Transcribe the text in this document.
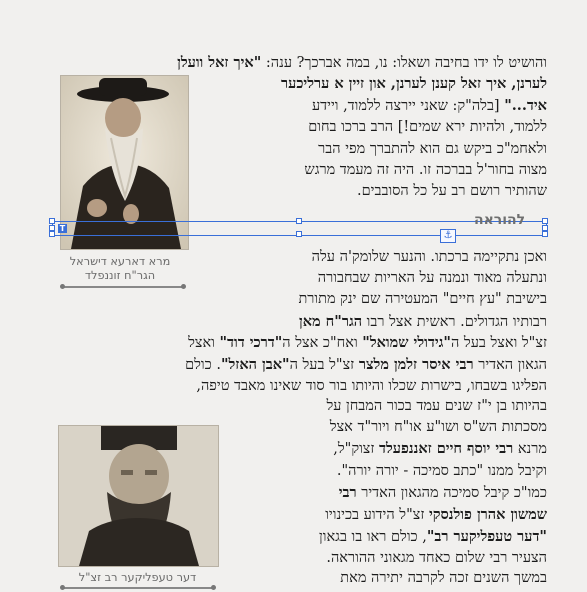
והושיט לו ידו בחיבה ושאלו: נו, במה אברכך? ענה: "איך זאל וועלן
לערנן, איך זאל קענן לערנן, און זיין א ערליכער
איד..." [בלה"ק: שאני יירצה ללמוד, ויידע
ללמוד, ולהיות ירא שמים!] הרב ברכו בחום
ולאחמ"כ ביקש גם הוא להתברך מפי הבר
מצוה בחור'ל בברכה זו. היה זה מעמד מרגש
שהותיר רושם רב על כל הסובבים.
מרא דארעא דישראל
הגר"ח זוננפלד
T
⚓
להוראה
ואכן נתקיימה ברכתו. והנער שלומק'ה עלה
ונתעלה מאוד ונמנה על האריות שבחבורה
בישיבת "עץ חיים" המעטירה שם ינק מתורת
רבותיו הגדולים. ראשית אצל רבו הגר"ח מאן
זצ"ל ואצל בעל ה"גידולי שמואל" ואח"כ אצל ה"דרכי דוד" ואצל
הגאון האדיר רבי איסר זלמן מלצר זצ"ל בעל ה"אבן האזל". כולם
הפליגו בשבחו, בישרות שכלו והיותו בור סוד שאינו מאבד טיפה,
בהיותו בן י"ז שנים עמד בכור המבחן על
מסכתות הש"ס ושו"ע או"ח ויור"ד אצל
מרנא רבי יוסף חיים זאננפעלד זצוק"ל,
וקיבל ממנו "כתב סמיכה - יורה יורה".
כמו"כ קיבל סמיכה מהגאון האדיר רבי
שמשון אהרן פולנסקי זצ"ל הידוע בכינויו
"דער טעפליקער רב", כולם ראו בו בגאון
הצעיר רבי שלום כאחד מגאוני ההוראה.
דער טעפליקער רב זצ"ל	במשך השנים זכה לקרבה יתירה מאת
